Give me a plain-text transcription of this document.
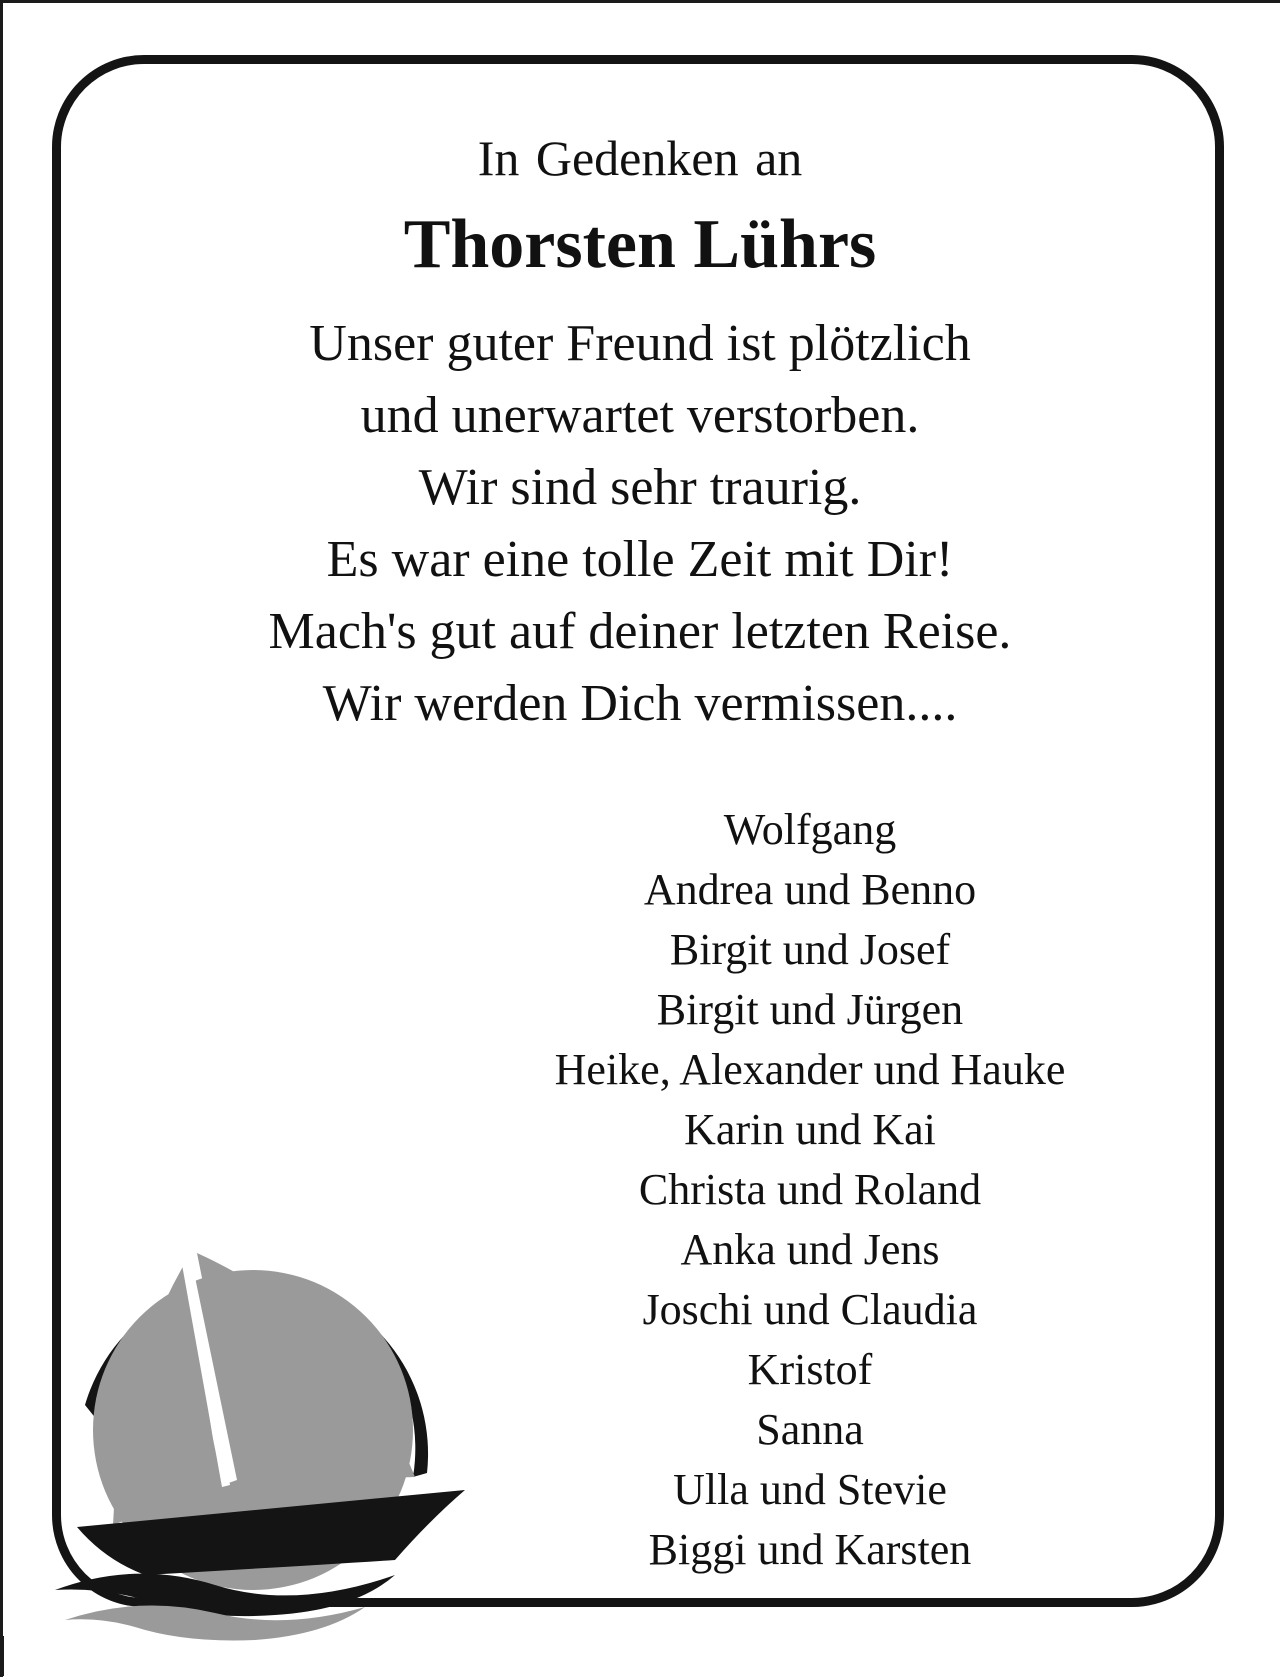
In Gedenken an
Thorsten Lührs
Unser guter Freund ist plötzlich
und unerwartet verstorben.
Wir sind sehr traurig.
Es war eine tolle Zeit mit Dir!
Mach's gut auf deiner letzten Reise.
Wir werden Dich vermissen....
Wolfgang
Andrea und Benno
Birgit und Josef
Birgit und Jürgen
Heike, Alexander und Hauke
Karin und Kai
Christa und Roland
Anka und Jens
Joschi und Claudia
Kristof
Sanna
Ulla und Stevie
Biggi und Karsten
